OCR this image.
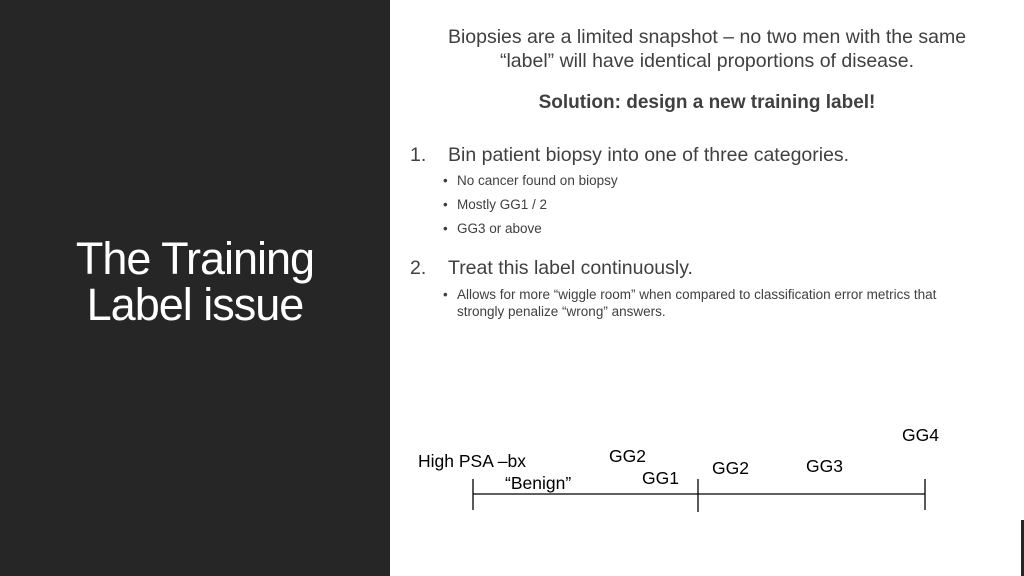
The Training
Label issue
Biopsies are a limited snapshot – no two men with the same
“label” will have identical proportions of disease.
Solution: design a new training label!
1. Bin patient biopsy into one of three categories.
• No cancer found on biopsy
• Mostly GG1 / 2
• GG3 or above
2. Treat this label continuously.
• Allows for more “wiggle room” when compared to classification error metrics that
strongly penalize “wrong” answers.
High PSA –bx
“Benign”
GG2
GG1 GG2	GG3
GG4
